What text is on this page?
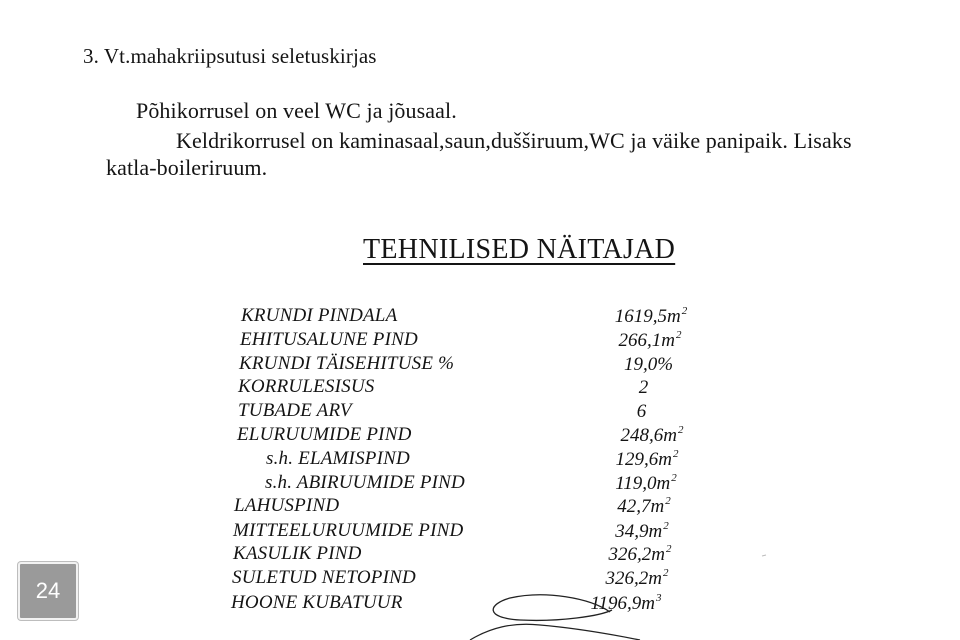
3. Vt.mahakriipsutusi seletuskirjas
Põhikorrusel on veel WC ja jõusaal.
Keldrikorrusel on kaminasaal,saun,dušširuum,WC ja väike panipaik. Lisaks
katla-boileriruum.
TEHNILISED NÄITAJAD
KRUNDI PINDALA	$1619,5m^2$
EHITUSALUNE PIND	$266,1m^2$
KRUNDI TÄISEHITUSE %	19,0%
KORRULESISUS	2
TUBADE ARV	6
ELURUUMIDE PIND	$248,6m^2$
s.h. ELAMISPIND	$129,6m^2$
s.h. ABIRUUMIDE PIND	$119,0m^2$
LAHUSPIND	$42,7m^2$
MITTEELURUUMIDE PIND	$34,9m^2$
KASULIK PIND	$326,2m^2$
SULETUD NETOPIND	$326,2m^2$
HOONE KUBATUUR	$1196,9m^3$
24
